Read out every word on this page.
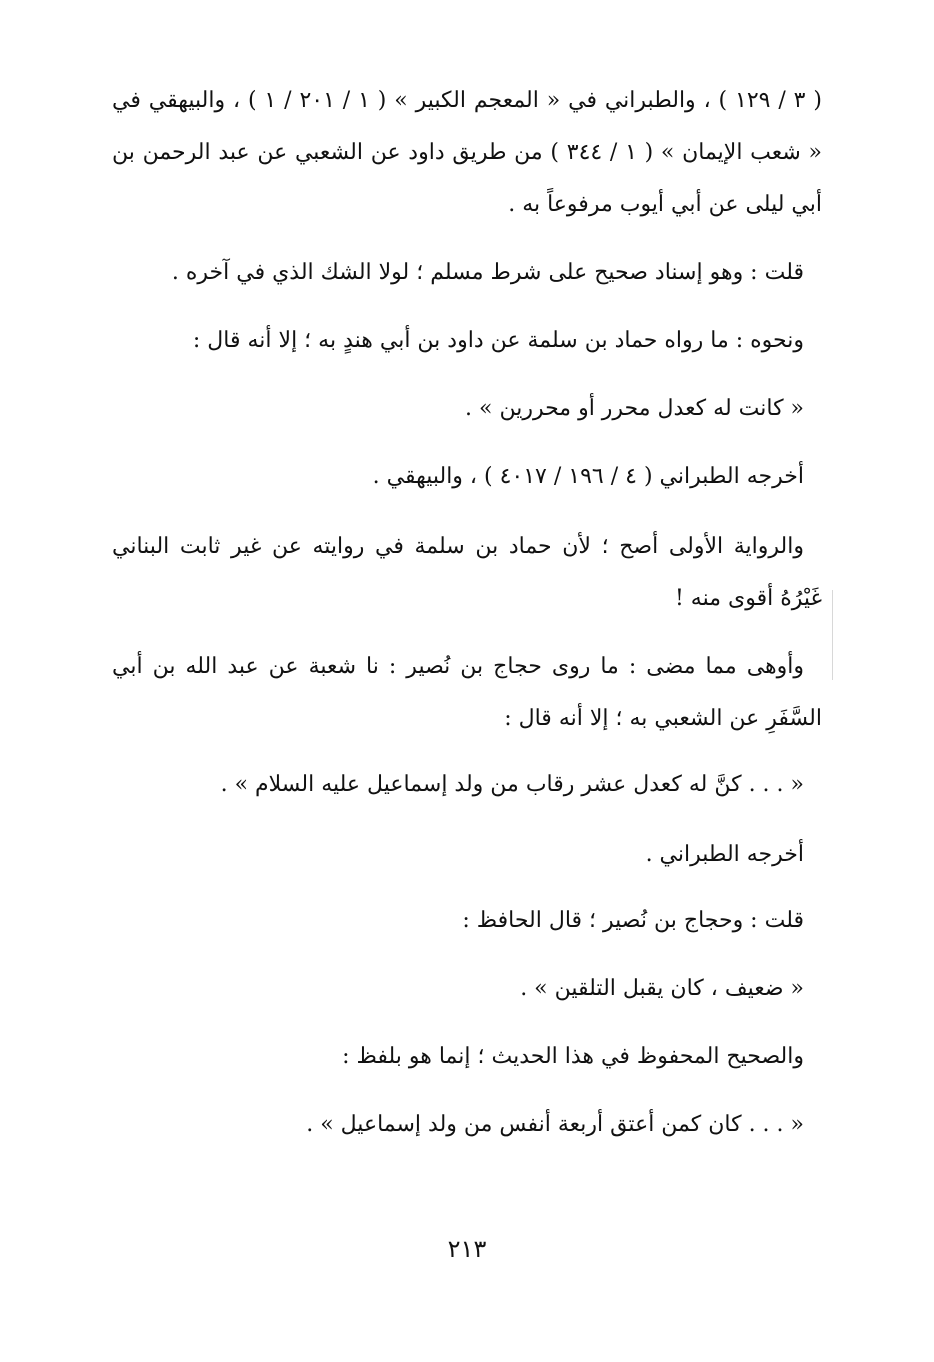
( ٣ / ١٢٩ ) ، والطبراني في « المعجم الكبير » ( ١ / ٢٠١ / ١ ) ، والبيهقي في
« شعب الإيمان » ( ١ / ٣٤٤ ) من طريق داود عن الشعبي عن عبد الرحمن بن
أبي ليلى عن أبي أيوب مرفوعاً به .
قلت : وهو إسناد صحيح على شرط مسلم ؛ لولا الشك الذي في آخره .
ونحوه : ما رواه حماد بن سلمة عن داود بن أبي هندٍ به ؛ إلا أنه قال :
« كانت له كعدل محرر أو محررين » .
أخرجه الطبراني ( ٤ / ١٩٦ / ٤٠١٧ ) ، والبيهقي .
والرواية الأولى أصح ؛ لأن حماد بن سلمة في روايته عن غير ثابت البناني
غَيْرُهُ أقوى منه !
وأوهى مما مضى : ما روى حجاج بن نُصير : نا شعبة عن عبد الله بن أبي
السَّفَرِ عن الشعبي به ؛ إلا أنه قال :
« . . . كنَّ له كعدل عشر رقاب من ولد إسماعيل عليه السلام » .
أخرجه الطبراني .
قلت : وحجاج بن نُصير ؛ قال الحافظ :
« ضعيف ، كان يقبل التلقين » .
والصحيح المحفوظ في هذا الحديث ؛ إنما هو بلفظ :
« . . . كان كمن أعتق أربعة أنفس من ولد إسماعيل » .
٢١٣
